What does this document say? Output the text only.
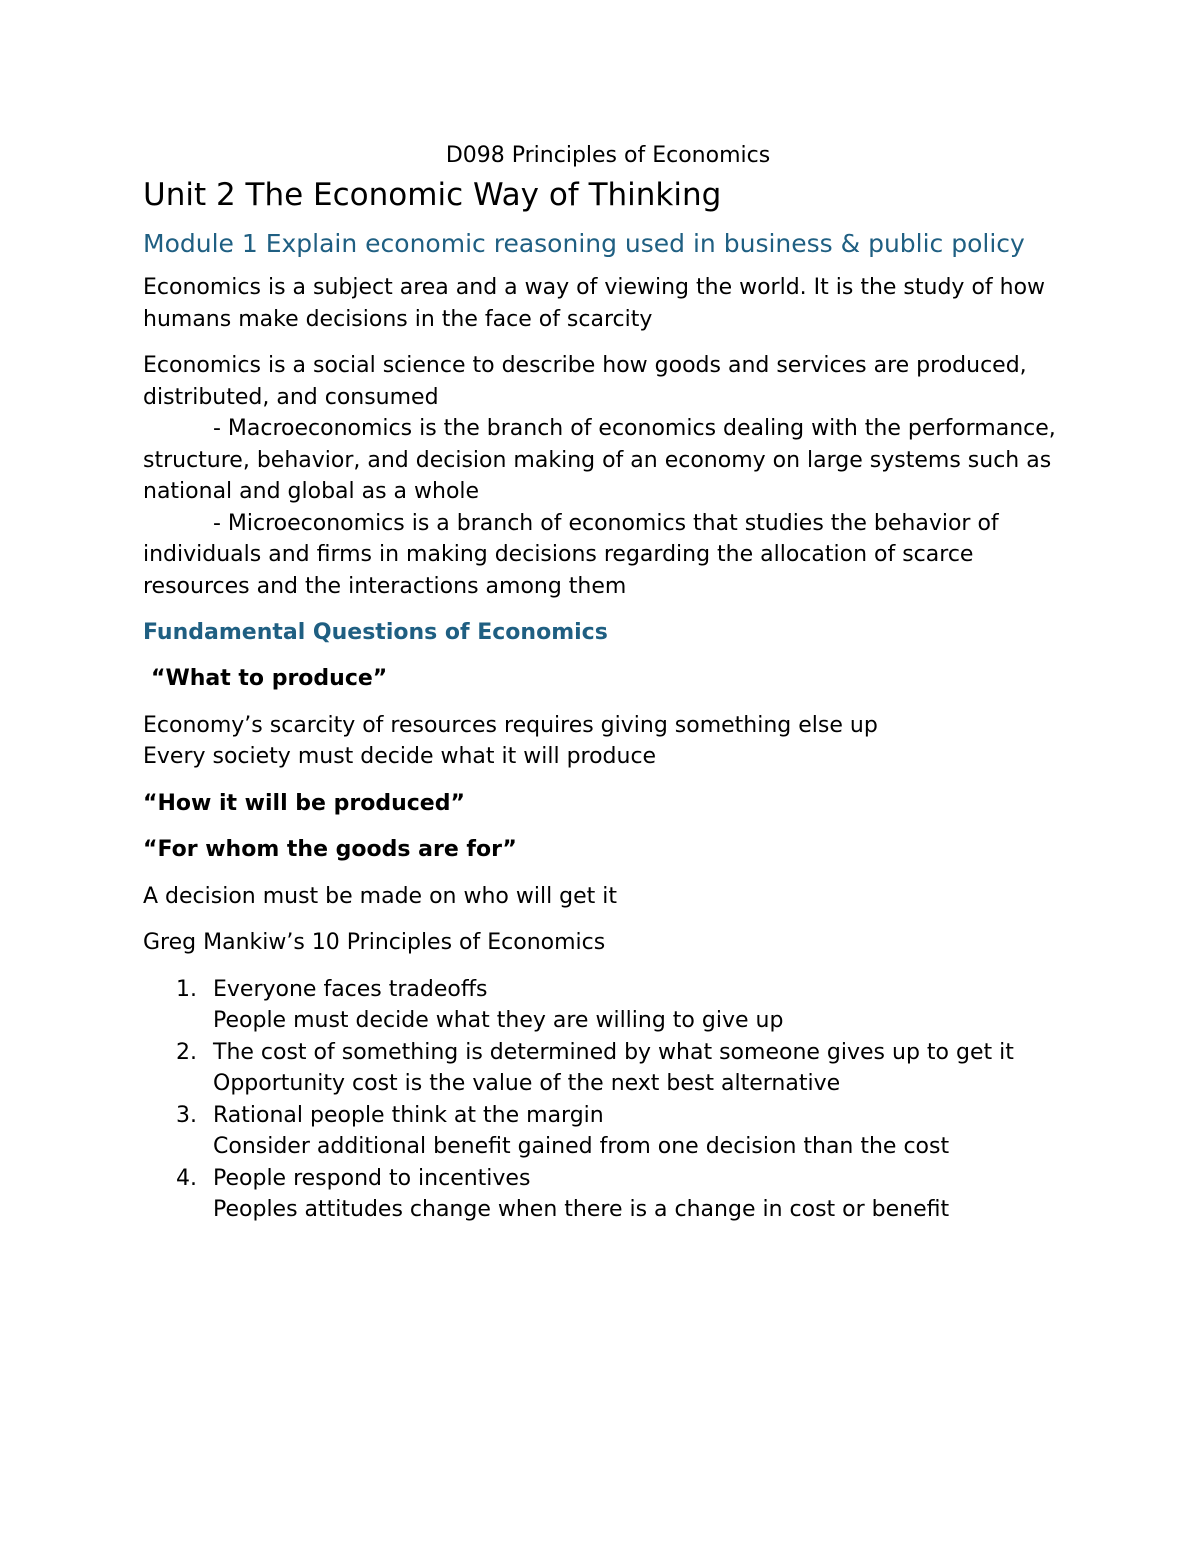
D098 Principles of Economics
Unit 2 The Economic Way of Thinking
Module 1 Explain economic reasoning used in business & public policy

Economics is a subject area and a way of viewing the world. It is the study of how humans make decisions in the face of scarcity

Economics is a social science to describe how goods and services are produced, distributed, and consumed
- Macroeconomics is the branch of economics dealing with the performance, structure, behavior, and decision making of an economy on large systems such as national and global as a whole
- Microeconomics is a branch of economics that studies the behavior of individuals and firms in making decisions regarding the allocation of scarce resources and the interactions among them
Fundamental Questions of Economics
“What to produce”
Economy’s scarcity of resources requires giving something else up
Every society must decide what it will produce
“How it will be produced”
“For whom the goods are for”

A decision must be made on who will get it

Greg Mankiw’s 10 Principles of Economics

1. Everyone faces tradeoffs
People must decide what they are willing to give up
2. The cost of something is determined by what someone gives up to get it
Opportunity cost is the value of the next best alternative
3. Rational people think at the margin
Consider additional benefit gained from one decision than the cost
4. People respond to incentives
Peoples attitudes change when there is a change in cost or benefit
